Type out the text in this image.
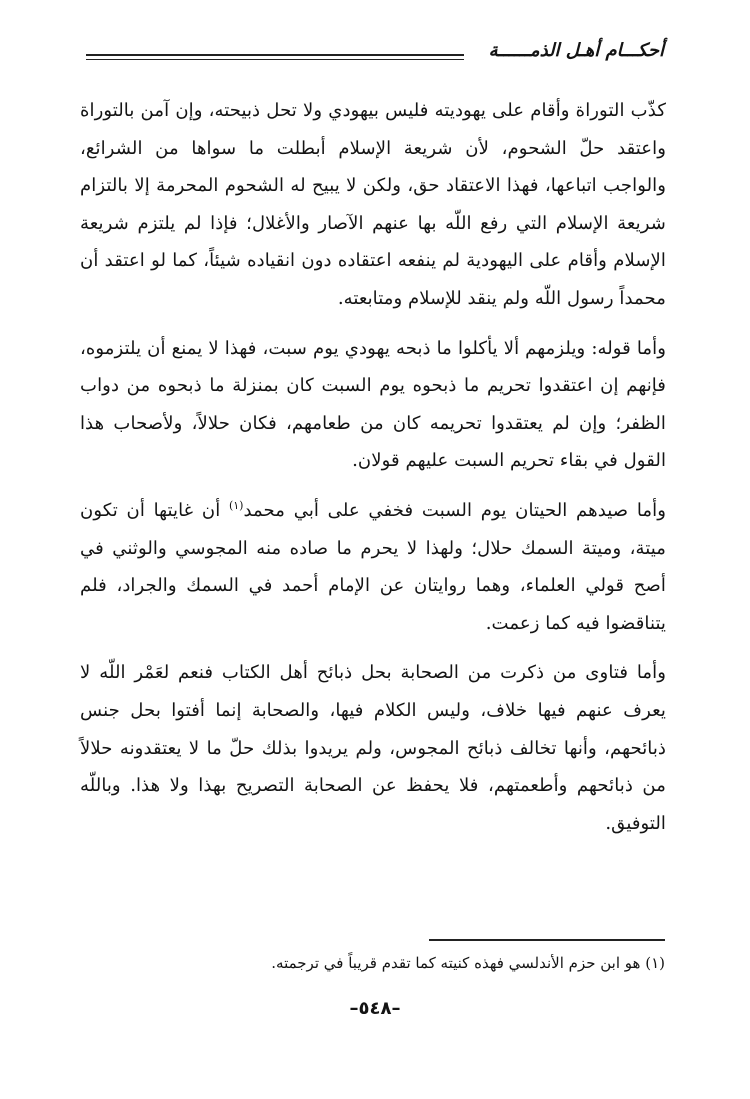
أحكـــام أهـل الذمــــــة

كذّب التوراة وأقام على يهوديته فليس بيهودي ولا تحل ذبيحته، وإن آمن بالتوراة واعتقد حلّ الشحوم، لأن شريعة الإسلام أبطلت ما سواها من الشرائع، والواجب اتباعها، فهذا الاعتقاد حق، ولكن لا يبيح له الشحوم المحرمة إلا بالتزام شريعة الإسلام التي رفع اللّه بها عنهم الآصار والأغلال؛ فإذا لم يلتزم شريعة الإسلام وأقام على اليهودية لم ينفعه اعتقاده دون انقياده شيئاً، كما لو اعتقد أن محمداً رسول اللّه ولم ينقد للإسلام ومتابعته.

وأما قوله: ويلزمهم ألا يأكلوا ما ذبحه يهودي يوم سبت، فهذا لا يمنع أن يلتزموه، فإنهم إن اعتقدوا تحريم ما ذبحوه يوم السبت كان بمنزلة ما ذبحوه من دواب الظفر؛ وإن لم يعتقدوا تحريمه كان من طعامهم، فكان حلالاً، ولأصحاب هذا القول في بقاء تحريم السبت عليهم قولان.

وأما صيدهم الحيتان يوم السبت فخفي على أبي محمد$^{(١)}$ أن غايتها أن تكون ميتة، وميتة السمك حلال؛ ولهذا لا يحرم ما صاده منه المجوسي والوثني في أصح قولي العلماء، وهما روايتان عن الإمام أحمد في السمك والجراد، فلم يتناقضوا فيه كما زعمت.

وأما فتاوى من ذكرت من الصحابة بحل ذبائح أهل الكتاب فنعم لعَمْر اللّه لا يعرف عنهم فيها خلاف، وليس الكلام فيها، والصحابة إنما أفتوا بحل جنس ذبائحهم، وأنها تخالف ذبائح المجوس، ولم يريدوا بذلك حلّ ما لا يعتقدونه حلالاً من ذبائحهم وأطعمتهم، فلا يحفظ عن الصحابة التصريح بهذا ولا هذا. وباللّه التوفيق.

(١) هو ابن حزم الأندلسي فهذه كنيته كما تقدم قريباً في ترجمته.

–٥٤٨–
